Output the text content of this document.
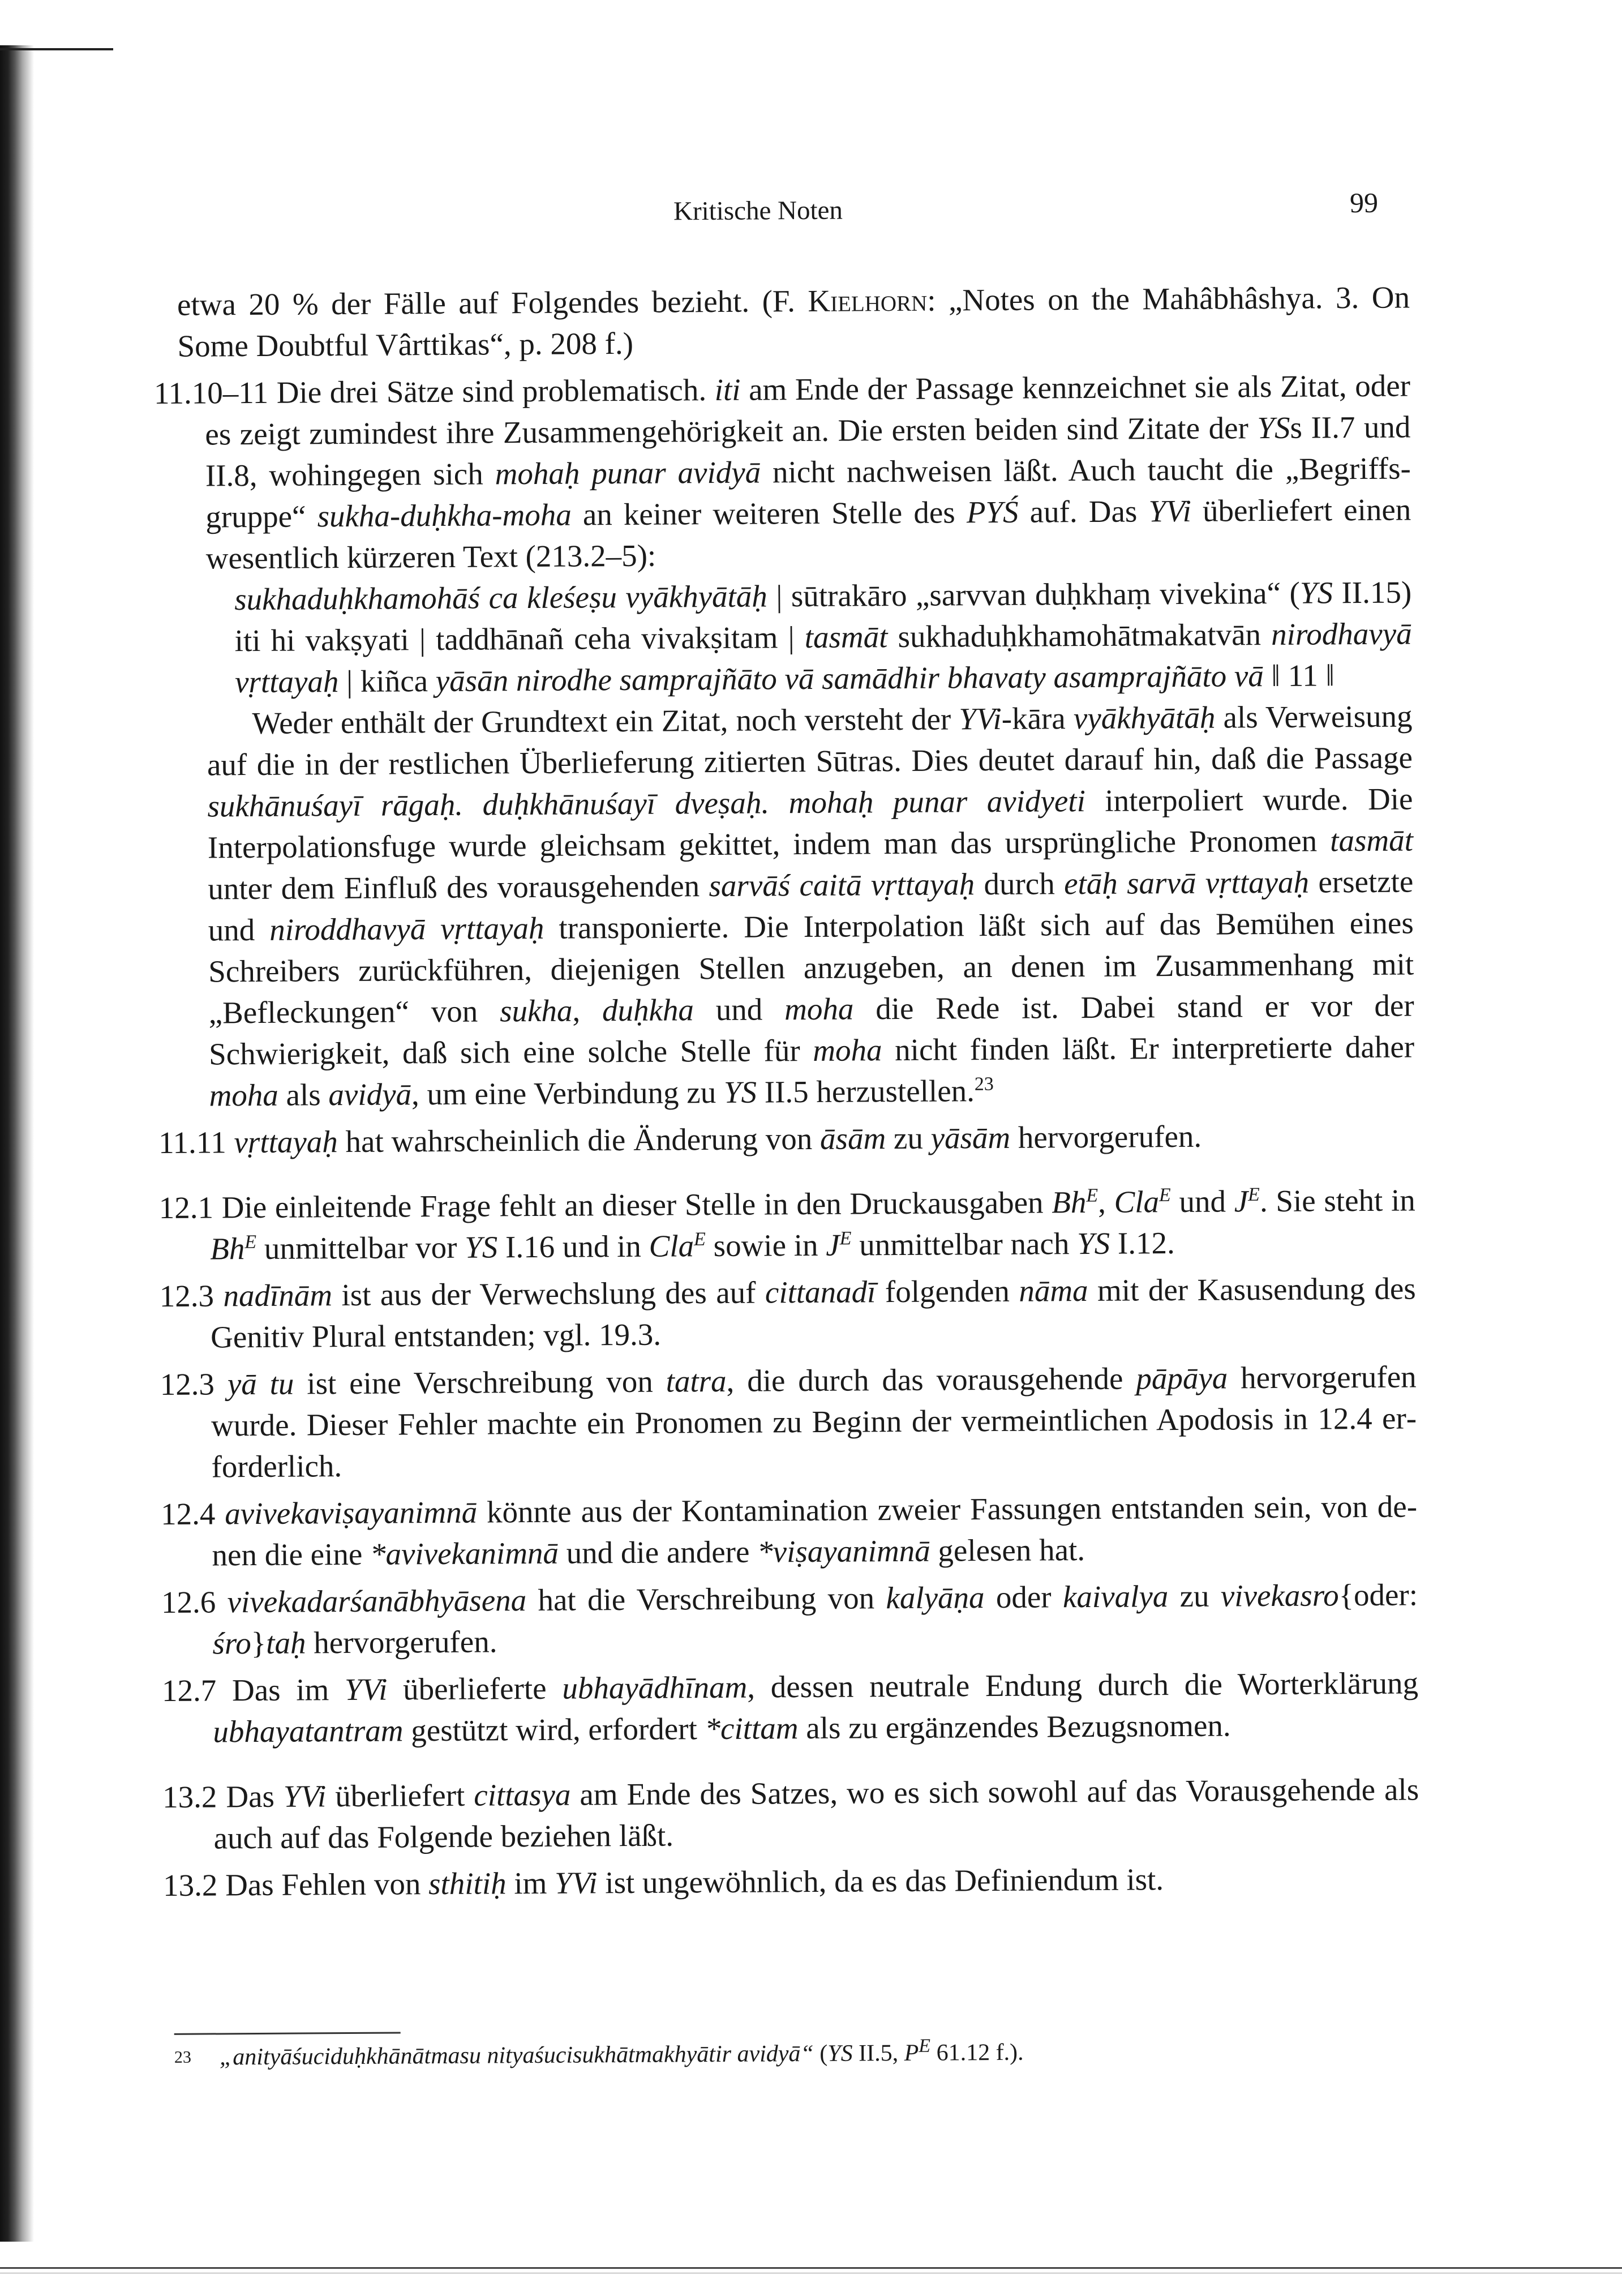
Kritische Noten	99

etwa 20 % der Fälle auf Folgendes bezieht. (F. Kielhorn: „Notes on the Mahâbhâshya. 3. On Some Doubtful Vârttikas“, p. 208 f.)

11.10–11 Die drei Sätze sind problematisch. iti am Ende der Passage kennzeichnet sie als Zitat, oder es zeigt zumindest ihre Zusammengehörigkeit an. Die ersten beiden sind Zitate der YSs II.7 und II.8, wohingegen sich mohaḥ punar avidyā nicht nachweisen läßt. Auch taucht die „Begriffsgruppe“ sukha-duḥkha-moha an keiner weiteren Stelle des PYŚ auf. Das YVi überliefert einen wesentlich kürzeren Text (213.2–5):

sukhaduḥkhamohāś ca kleśeṣu vyākhyātāḥ | sūtrakāro „sarvvan duḥkhaṃ vivekina“ (YS II.15) iti hi vakṣyati | taddhānañ ceha vivakṣitam | tasmāt sukhaduḥkhamohātmakatvān nirodhavyā vṛttayaḥ | kiñca yāsān nirodhe samprajñāto vā samādhir bhavaty asamprajñāto vā ‖ 11 ‖

Weder enthält der Grundtext ein Zitat, noch versteht der YVi-kāra vyākhyātāḥ als Verweisung auf die in der restlichen Überlieferung zitierten Sūtras. Dies deutet darauf hin, daß die Passage sukhānuśayī rāgaḥ. duḥkhānuśayī dveṣaḥ. mohaḥ punar avidyeti interpoliert wurde. Die Interpolationsfuge wurde gleichsam gekittet, indem man das ursprüngliche Pronomen tasmāt unter dem Einfluß des vorausgehenden sarvāś caitā vṛttayaḥ durch etāḥ sarvā vṛttayaḥ ersetzte und niroddhavyā vṛttayaḥ transponierte. Die Interpolation läßt sich auf das Bemühen eines Schreibers zurückführen, diejenigen Stellen anzugeben, an denen im Zusammenhang mit „Befleckungen“ von sukha, duḥkha und moha die Rede ist. Dabei stand er vor der Schwierigkeit, daß sich eine solche Stelle für moha nicht finden läßt. Er interpretierte daher moha als avidyā, um eine Verbindung zu YS II.5 herzustellen.$^{23}$

11.11 vṛttayaḥ hat wahrscheinlich die Änderung von āsām zu yāsām hervorgerufen.

12.1 Die einleitende Frage fehlt an dieser Stelle in den Druckausgaben $Bh^E$, Cla$^E$ und $J^E$. Sie steht in $Bh^E$ unmittelbar vor YS I.16 und in Cla$^E$ sowie in $J^E$ unmittelbar nach YS I.12.

12.3 nadīnām ist aus der Verwechslung des auf cittanadī folgenden nāma mit der Kasusendung des Genitiv Plural entstanden; vgl. 19.3.

12.3 yā tu ist eine Verschreibung von tatra, die durch das vorausgehende pāpāya hervorgerufen wurde. Dieser Fehler machte ein Pronomen zu Beginn der vermeintlichen Apodosis in 12.4 erforderlich.

12.4 avivekaviṣayanimnā könnte aus der Kontamination zweier Fassungen entstanden sein, von denen die eine *avivekanimnā und die andere *viṣayanimnā gelesen hat.

12.6 vivekadarśanābhyāsena hat die Verschreibung von kalyāṇa oder kaivalya zu vivekasro{oder: śro}taḥ hervorgerufen.

12.7 Das im YVi überlieferte ubhayādhīnam, dessen neutrale Endung durch die Worterklärung ubhayatantram gestützt wird, erfordert *cittam als zu ergänzendes Bezugsnomen.

13.2 Das YVi überliefert cittasya am Ende des Satzes, wo es sich sowohl auf das Vorausgehende als auch auf das Folgende beziehen läßt.

13.2 Das Fehlen von sthitiḥ im YVi ist ungewöhnlich, da es das Definiendum ist.

$^{23}$ „anityāśuciduḥkhānātmasu nityaśucisukhātmakhyātir avidyā“ (YS II.5, $P^E$ 61.12 f.).
